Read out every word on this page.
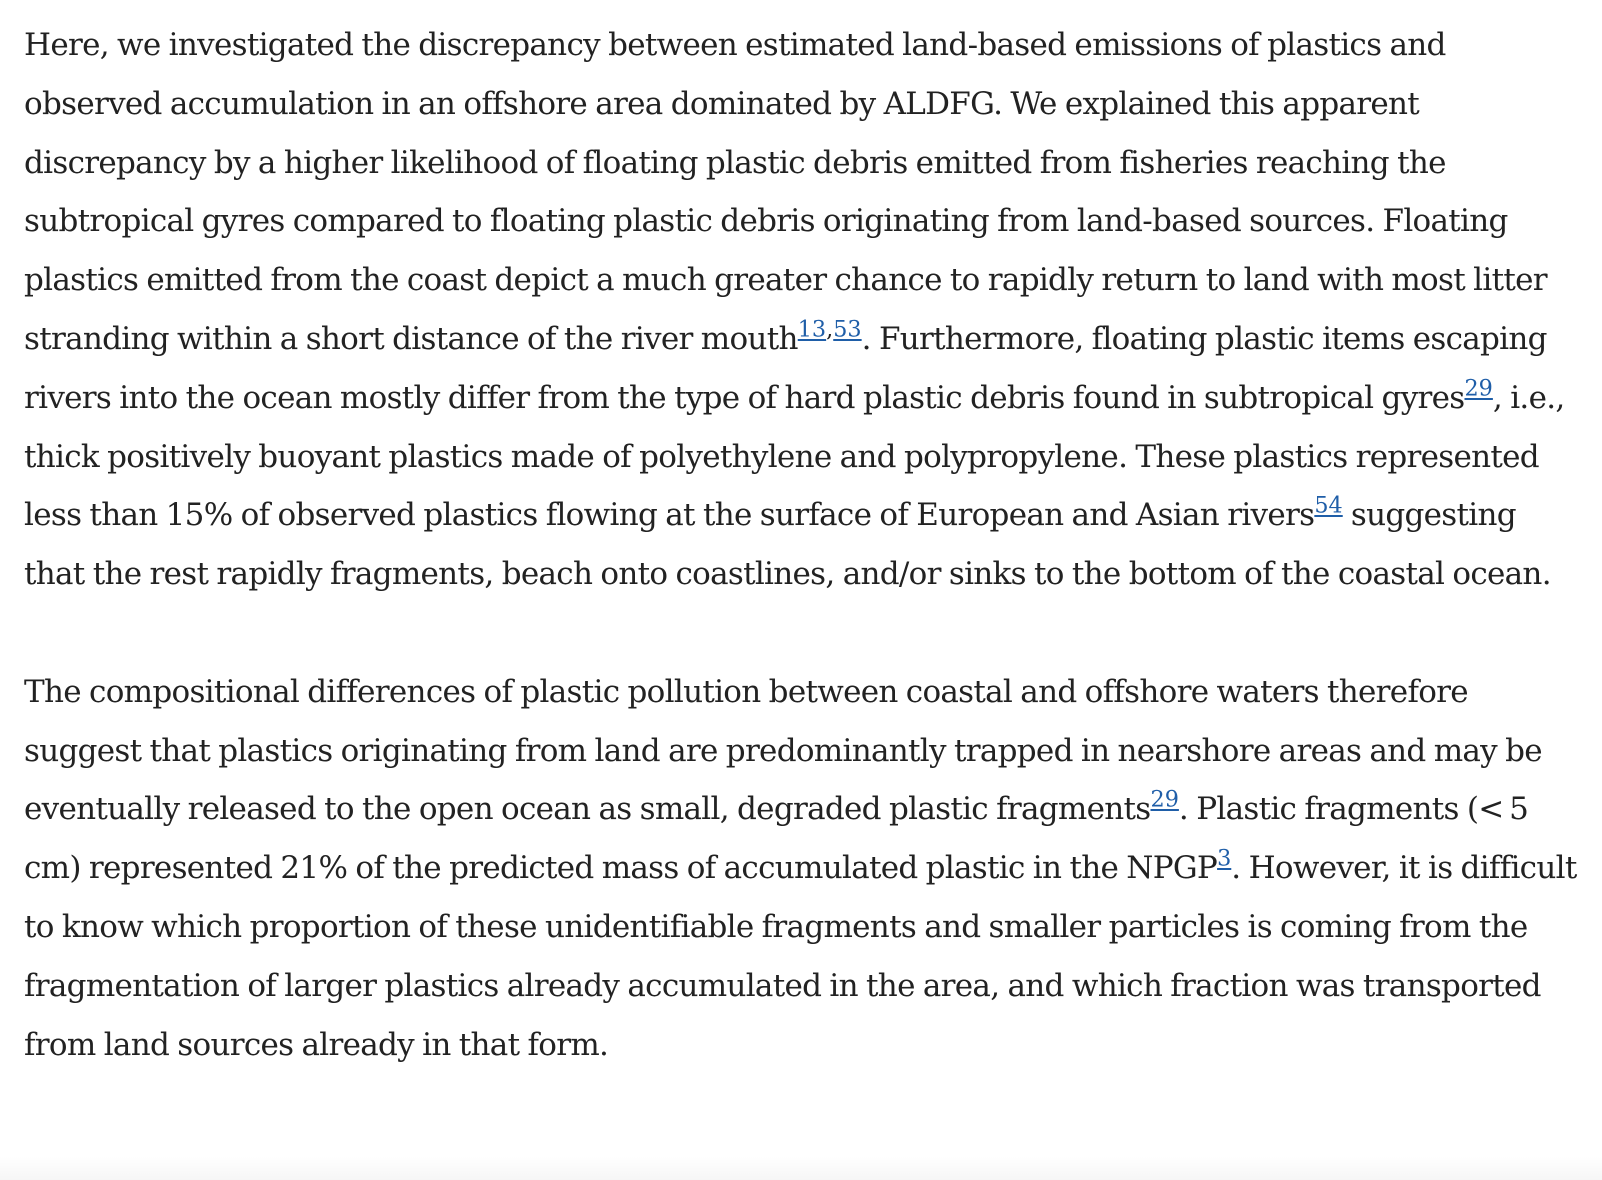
Here, we investigated the discrepancy between estimated land-based emissions of plastics and observed accumulation in an offshore area dominated by ALDFG. We explained this apparent discrepancy by a higher likelihood of floating plastic debris emitted from fisheries reaching the subtropical gyres compared to floating plastic debris originating from land-based sources. Floating plastics emitted from the coast depict a much greater chance to rapidly return to land with most litter stranding within a short distance of the river mouth$^{13,53}$. Furthermore, floating plastic items escaping rivers into the ocean mostly differ from the type of hard plastic debris found in subtropical gyres$^{29}$, i.e., thick positively buoyant plastics made of polyethylene and polypropylene. These plastics represented less than 15% of observed plastics flowing at the surface of European and Asian rivers$^{54}$ suggesting that the rest rapidly fragments, beach onto coastlines, and/or sinks to the bottom of the coastal ocean.

The compositional differences of plastic pollution between coastal and offshore waters therefore suggest that plastics originating from land are predominantly trapped in nearshore areas and may be eventually released to the open ocean as small, degraded plastic fragments$^{29}$. Plastic fragments (< 5  cm) represented 21% of the predicted mass of accumulated plastic in the NPGP$^3$. However, it is difficult to know which proportion of these unidentifiable fragments and smaller particles is coming from the fragmentation of larger plastics already accumulated in the area, and which fraction was transported from land sources already in that form.
